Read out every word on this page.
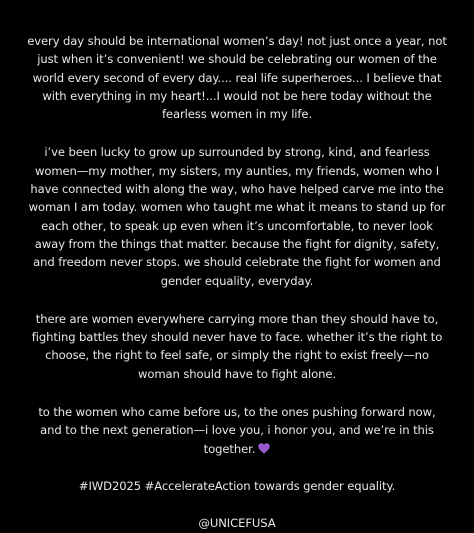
every day should be international women’s day! not just once a year, not just when it’s convenient! we should be celebrating our women of the world every second of every day.... real life superheroes... I believe that with everything in my heart!...I would not be here today without the fearless women in my life.

i’ve been lucky to grow up surrounded by strong, kind, and fearless women—my mother, my sisters, my aunties, my friends, women who I have connected with along the way, who have helped carve me into the woman I am today. women who taught me what it means to stand up for each other, to speak up even when it’s uncomfortable, to never look away from the things that matter. because the fight for dignity, safety, and freedom never stops. we should celebrate the fight for women and gender equality, everyday.

there are women everywhere carrying more than they should have to, fighting battles they should never have to face. whether it’s the right to choose, the right to feel safe, or simply the right to exist freely—no woman should have to fight alone.

to the women who came before us, to the ones pushing forward now, and to the next generation—i love you, i honor you, and we’re in this together.

#IWD2025 #AccelerateAction towards gender equality.

@UNICEFUSA
